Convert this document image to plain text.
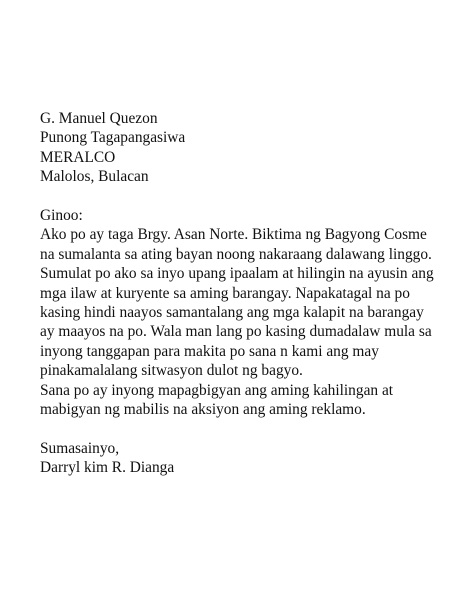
G. Manuel Quezon
Punong Tagapangasiwa
MERALCO
Malolos, Bulacan
Ginoo:
Ako po ay taga Brgy. Asan Norte. Biktima ng Bagyong Cosme
na sumalanta sa ating bayan noong nakaraang dalawang linggo.
Sumulat po ako sa inyo upang ipaalam at hilingin na ayusin ang
mga ilaw at kuryente sa aming barangay. Napakatagal na po
kasing hindi naayos samantalang ang mga kalapit na barangay
ay maayos na po. Wala man lang po kasing dumadalaw mula sa
inyong tanggapan para makita po sana n kami ang may
pinakamalalang sitwasyon dulot ng bagyo.
Sana po ay inyong mapagbigyan ang aming kahilingan at
mabigyan ng mabilis na aksiyon ang aming reklamo.
Sumasainyo,
Darryl kim R. Dianga
